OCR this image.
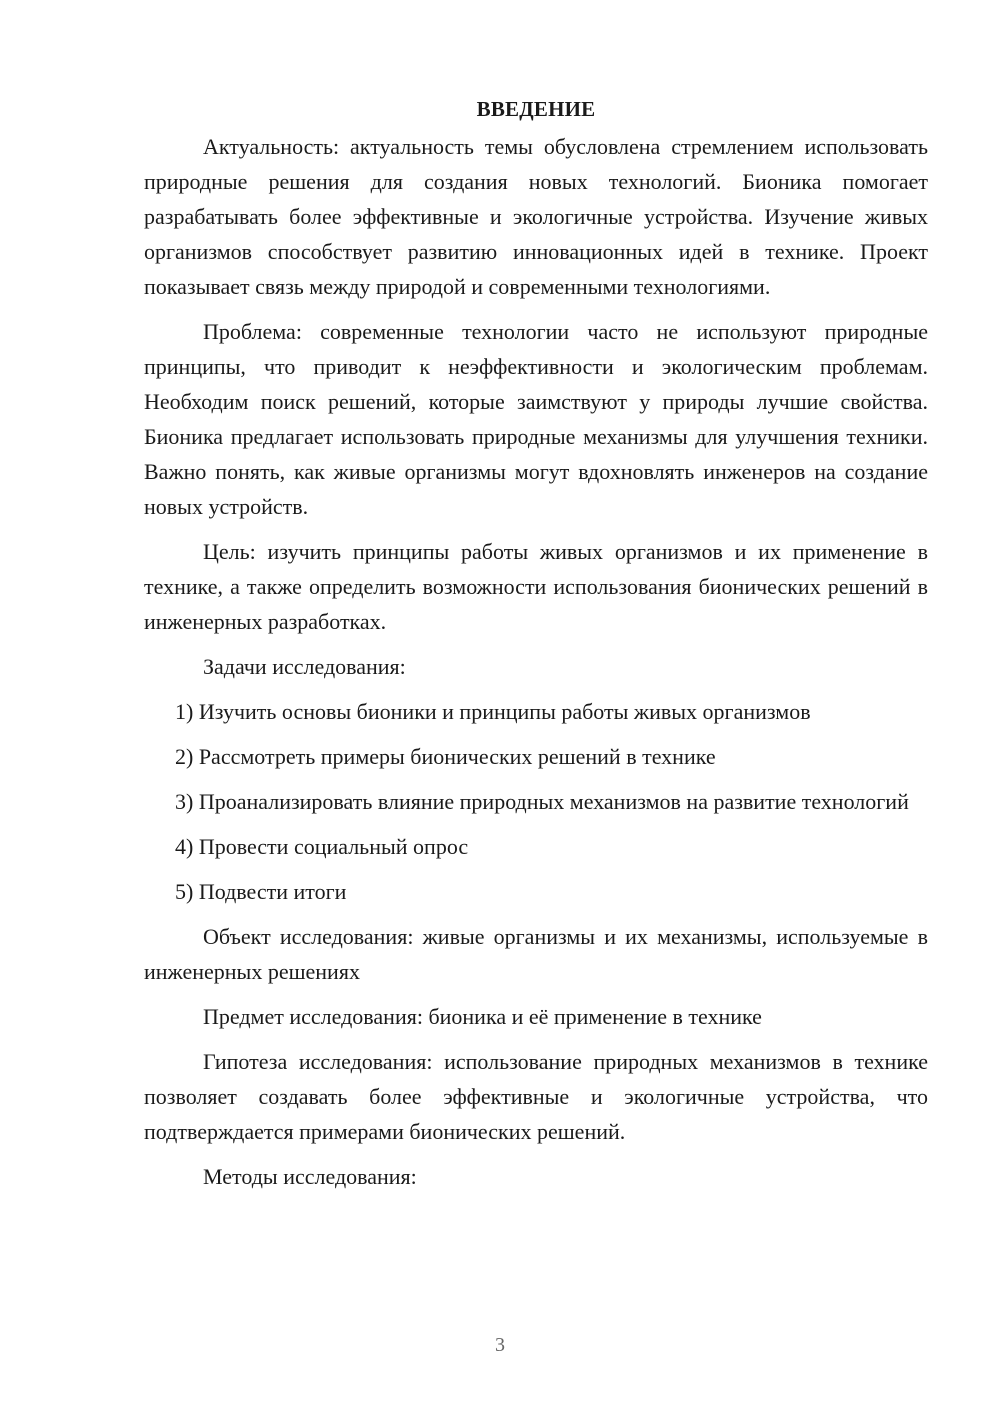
ВВЕДЕНИЕ

Актуальность: актуальность темы обусловлена стремлением использовать природные решения для создания новых технологий. Бионика помогает разрабатывать более эффективные и экологичные устройства. Изучение живых организмов способствует развитию инновационных идей в технике. Проект показывает связь между природой и современными технологиями.

Проблема: современные технологии часто не используют природные принципы, что приводит к неэффективности и экологическим проблемам. Необходим поиск решений, которые заимствуют у природы лучшие свойства. Бионика предлагает использовать природные механизмы для улучшения техники. Важно понять, как живые организмы могут вдохновлять инженеров на создание новых устройств.

Цель: изучить принципы работы живых организмов и их применение в технике, а также определить возможности использования бионических решений в инженерных разработках.

Задачи исследования:

1) Изучить основы бионики и принципы работы живых организмов

2) Рассмотреть примеры бионических решений в технике

3) Проанализировать влияние природных механизмов на развитие технологий

4) Провести социальный опрос

5) Подвести итоги

Объект исследования: живые организмы и их механизмы, используемые в инженерных решениях

Предмет исследования: бионика и её применение в технике

Гипотеза исследования: использование природных механизмов в технике позволяет создавать более эффективные и экологичные устройства, что подтверждается примерами бионических решений.

Методы исследования:

3
